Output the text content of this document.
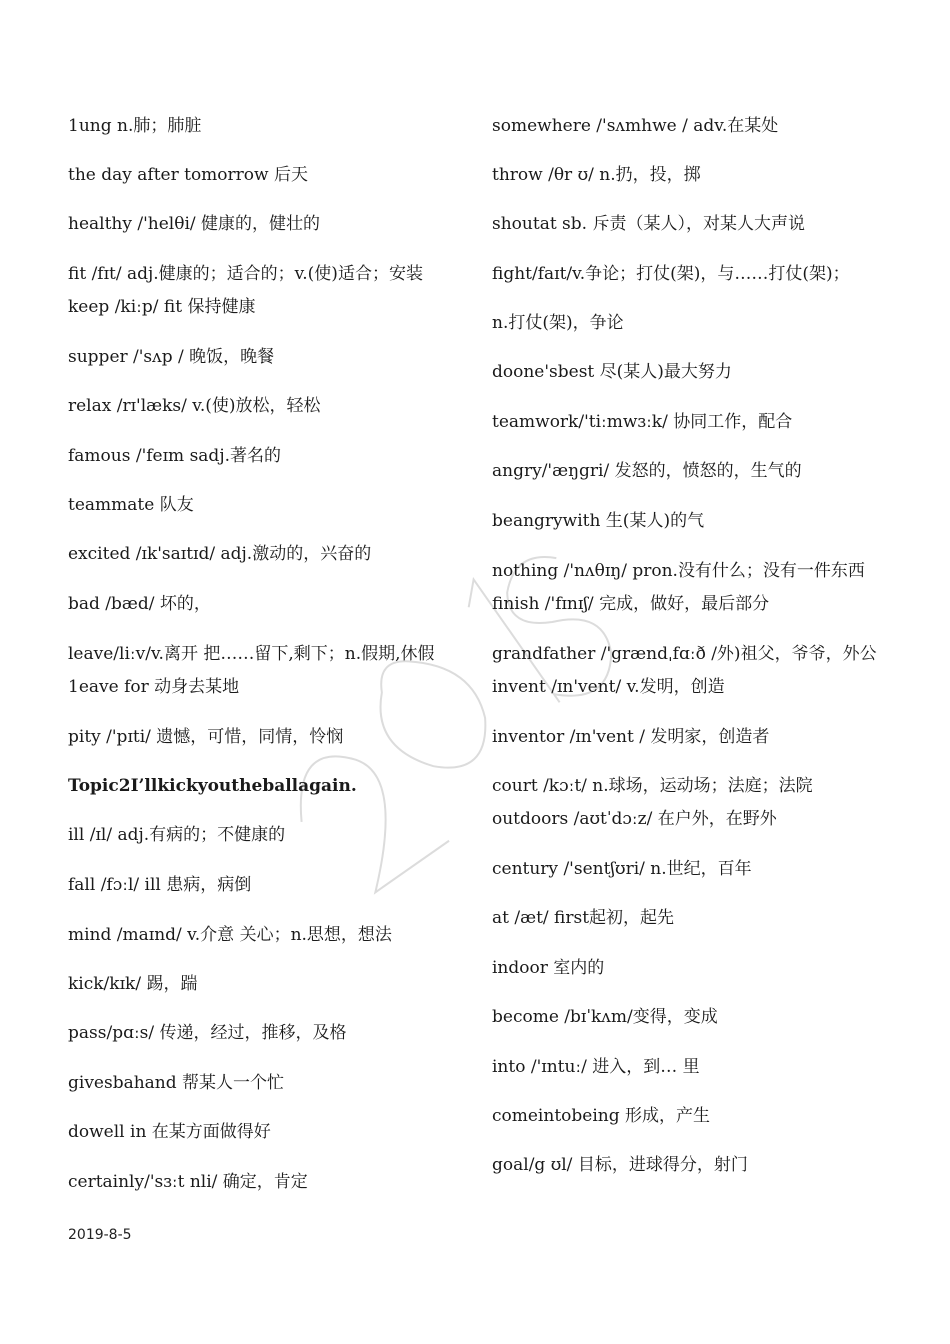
1ung n.肺；肺脏
the day after tomorrow 后天
healthy /'helθi/ 健康的，健壮的
fit /fɪt/ adj.健康的；适合的；v.(使)适合；安装
keep /kiːp/ fit 保持健康
supper /'sʌp / 晚饭，晚餐
relax /rɪ'læks/ v.(使)放松，轻松
famous /'feɪm sadj.著名的
teammate 队友
excited /ɪk'saɪtɪd/ adj.激动的，兴奋的
bad /bæd/ 坏的，
leave/liːv/v.离开 把……留下,剩下；n.假期,休假
1eave for 动身去某地
pity /'pɪti/ 遗憾，可惜，同情，怜悯
Topic2I’llkickyoutheballagain.
ill /ɪl/ adj.有病的；不健康的
fall /fɔːl/ ill 患病，病倒
mind /maɪnd/ v.介意 关心；n.思想，想法
kick/kɪk/ 踢，踹
pass/pɑːs/ 传递，经过，推移，及格
givesbahand 帮某人一个忙
dowell in 在某方面做得好
certainly/'sɜːt nli/ 确定，肯定
somewhere /'sʌmhwe / adv.在某处
throw /θr ʊ/ n.扔，投，掷
shoutat sb. 斥责（某人），对某人大声说
fight/faɪt/v.争论；打仗(架)，与……打仗(架)；
n.打仗(架)，争论
doone'sbest 尽(某人)最大努力
teamwork/'tiːmwɜːk/ 协同工作，配合
angry/'æŋgri/ 发怒的，愤怒的，生气的
beangrywith 生(某人)的气
nothing /'nʌθɪŋ/ pron.没有什么；没有一件东西
finish /'fɪnɪʃ/ 完成，做好，最后部分
grandfather /'grændˌfɑːð /外)祖父，爷爷，外公
invent /ɪn'vent/ v.发明，创造
inventor /ɪn'vent / 发明家，创造者
court /kɔːt/ n.球场，运动场；法庭；法院
outdoors /aʊtˈdɔːz/ 在户外，在野外
century /'sentʃʊri/ n.世纪，百年
at /æt/ first起初，起先
indoor 室内的
become /bɪˈkʌm/变得，变成
into /'ɪntuː/ 进入，到… 里
comeintobeing 形成，产生
goal/g ʊl/ 目标，进球得分，射门
2019-8-5
